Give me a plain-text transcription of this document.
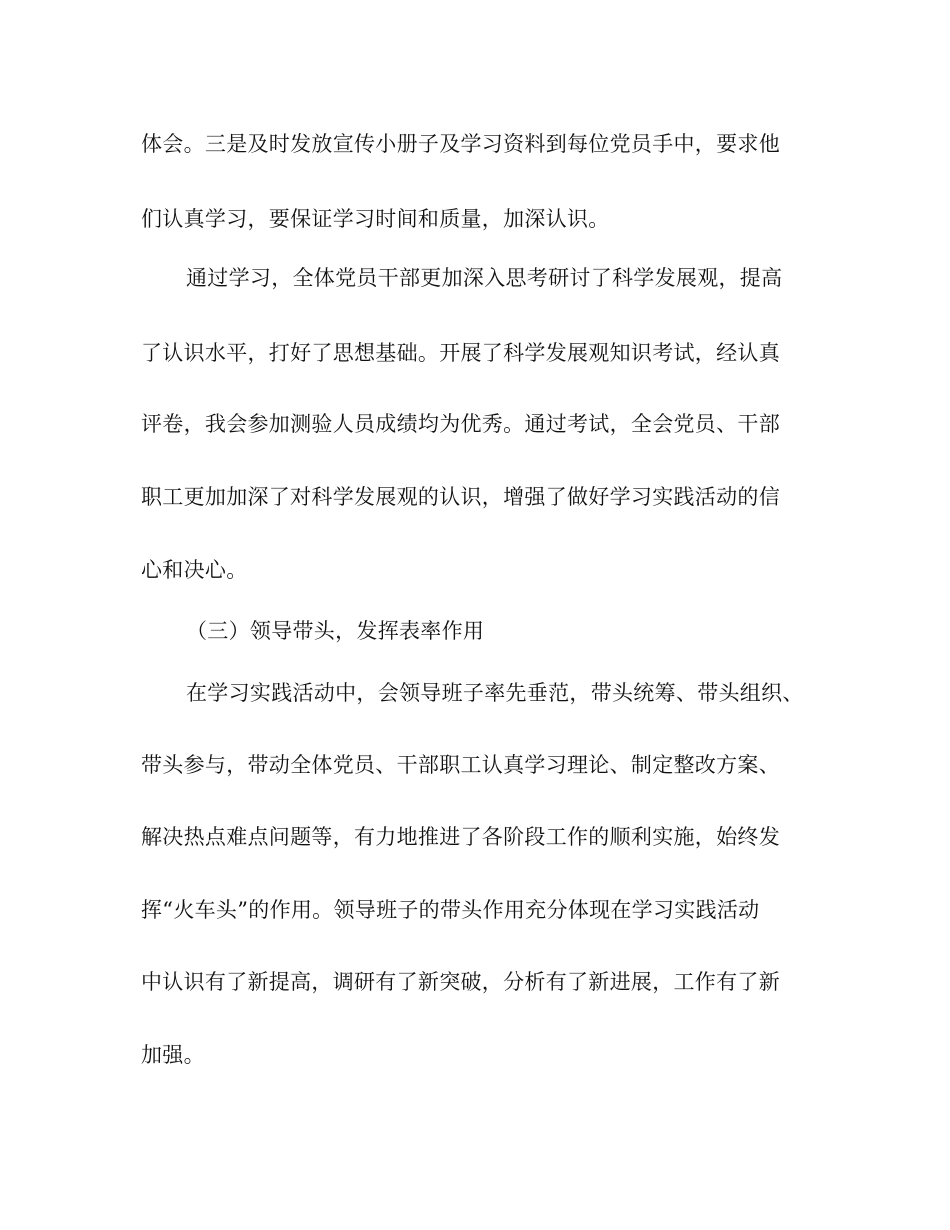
体会。三是及时发放宣传小册子及学习资料到每位党员手中，要求他
们认真学习，要保证学习时间和质量，加深认识。
通过学习，全体党员干部更加深入思考研讨了科学发展观，提高
了认识水平，打好了思想基础。开展了科学发展观知识考试，经认真
评卷，我会参加测验人员成绩均为优秀。通过考试，全会党员、干部
职工更加加深了对科学发展观的认识，增强了做好学习实践活动的信
心和决心。
（三）领导带头，发挥表率作用
在学习实践活动中，会领导班子率先垂范，带头统筹、带头组织、
带头参与，带动全体党员、干部职工认真学习理论、制定整改方案、
解决热点难点问题等，有力地推进了各阶段工作的顺利实施，始终发
挥“火车头”的作用。领导班子的带头作用充分体现在学习实践活动
中认识有了新提高，调研有了新突破，分析有了新进展，工作有了新
加强。
